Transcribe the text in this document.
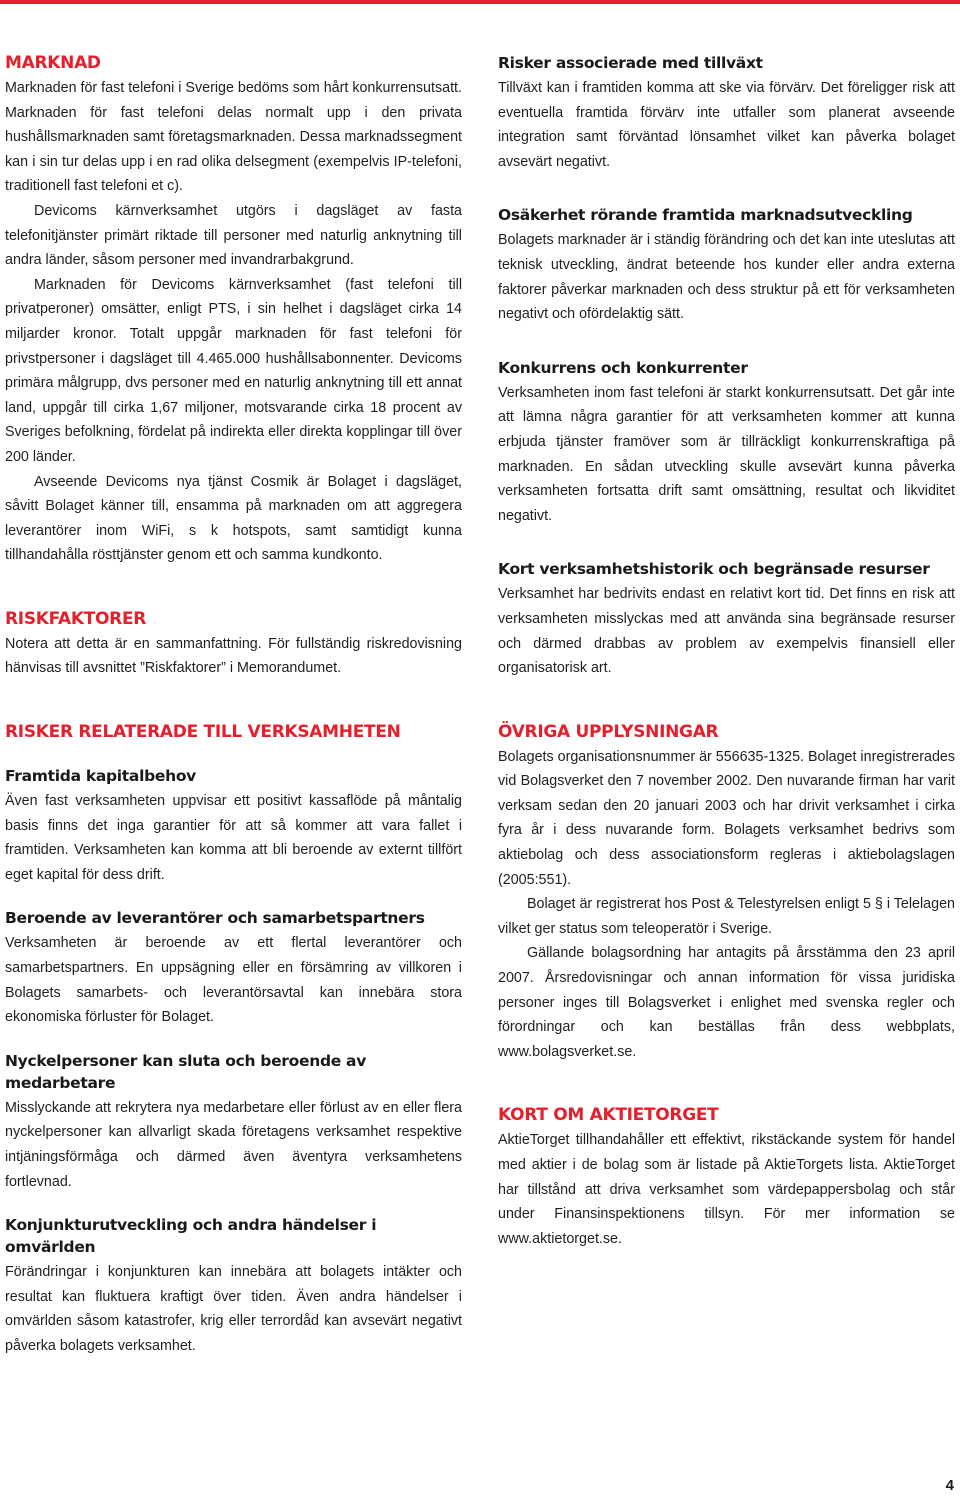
MARKNAD

Marknaden för fast telefoni i Sverige bedöms som hårt konkurrensutsatt. Marknaden för fast telefoni delas normalt upp i den privata hushållsmarknaden samt företagsmarknaden. Dessa marknadssegment kan i sin tur delas upp i en rad olika delsegment (exempelvis IP-telefoni, traditionell fast telefoni et c).

Devicoms kärnverksamhet utgörs i dagsläget av fasta telefonitjänster primärt riktade till personer med naturlig anknytning till andra länder, såsom personer med invandrarbakgrund.

Marknaden för Devicoms kärnverksamhet (fast telefoni till privatperoner) omsätter, enligt PTS, i sin helhet i dagsläget cirka 14 miljarder kronor. Totalt uppgår marknaden för fast telefoni för privstpersoner i dagsläget till 4.465.000 hushållsabonnenter. Devicoms primära målgrupp, dvs personer med en naturlig anknytning till ett annat land, uppgår till cirka 1,67 miljoner, motsvarande cirka 18 procent av Sveriges befolkning, fördelat på indirekta eller direkta kopplingar till över 200 länder.

Avseende Devicoms nya tjänst Cosmik är Bolaget i dagsläget, såvitt Bolaget känner till, ensamma på marknaden om att aggregera leverantörer inom WiFi, s k hotspots, samt samtidigt kunna tillhandahålla rösttjänster genom ett och samma kundkonto.

RISKFAKTORER

Notera att detta är en sammanfattning. För fullständig riskredovisning hänvisas till avsnittet ”Riskfaktorer” i Memorandumet.

RISKER RELATERADE TILL VERKSAMHETEN
Framtida kapitalbehov

Även fast verksamheten uppvisar ett positivt kassaflöde på måntalig basis finns det inga garantier för att så kommer att vara fallet i framtiden. Verksamheten kan komma att bli beroende av externt tillfört eget kapital för dess drift.

Beroende av leverantörer och samarbetspartners

Verksamheten är beroende av ett flertal leverantörer och samarbetspartners. En uppsägning eller en försämring av villkoren i Bolagets samarbets- och leverantörsavtal kan innebära stora ekonomiska förluster för Bolaget.

Nyckelpersoner kan sluta och beroende av medarbetare

Misslyckande att rekrytera nya medarbetare eller förlust av en eller flera nyckelpersoner kan allvarligt skada företagens verksamhet respektive intjäningsförmåga och därmed även äventyra verksamhetens fortlevnad.

Konjunkturutveckling och andra händelser i omvärlden

Förändringar i konjunkturen kan innebära att bolagets intäkter och resultat kan fluktuera kraftigt över tiden. Även andra händelser i omvärlden såsom katastrofer, krig eller terrordåd kan avsevärt negativt påverka bolagets verksamhet.

Risker associerade med tillväxt

Tillväxt kan i framtiden komma att ske via förvärv. Det föreligger risk att eventuella framtida förvärv inte utfaller som planerat avseende integration samt förväntad lönsamhet vilket kan påverka bolaget avsevärt negativt.

Osäkerhet rörande framtida marknadsutveckling

Bolagets marknader är i ständig förändring och det kan inte uteslutas att teknisk utveckling, ändrat beteende hos kunder eller andra externa faktorer påverkar marknaden och dess struktur på ett för verksamheten negativt och ofördelaktig sätt.

Konkurrens och konkurrenter

Verksamheten inom fast telefoni är starkt konkurrensutsatt. Det går inte att lämna några garantier för att verksamheten kommer att kunna erbjuda tjänster framöver som är tillräckligt konkurrenskraftiga på marknaden. En sådan utveckling skulle avsevärt kunna påverka verksamheten fortsatta drift samt omsättning, resultat och likviditet negativt.

Kort verksamhetshistorik och begränsade resurser

Verksamhet har bedrivits endast en relativt kort tid. Det finns en risk att verksamheten misslyckas med att använda sina begränsade resurser och därmed drabbas av problem av exempelvis finansiell eller organisatorisk art.

ÖVRIGA UPPLYSNINGAR

Bolagets organisationsnummer är 556635-1325. Bolaget inregistrerades vid Bolagsverket den 7 november 2002. Den nuvarande firman har varit verksam sedan den 20 januari 2003 och har drivit verksamhet i cirka fyra år i dess nuvarande form. Bolagets verksamhet bedrivs som aktiebolag och dess associationsform regleras i aktiebolagslagen (2005:551).

Bolaget är registrerat hos Post & Telestyrelsen enligt 5 § i Telelagen vilket ger status som teleoperatör i Sverige.

Gällande bolagsordning har antagits på årsstämma den 23 april 2007. Årsredovisningar och annan information för vissa juridiska personer inges till Bolagsverket i enlighet med svenska regler och förordningar och kan beställas från dess webbplats, www.bolagsverket.se.

KORT OM AKTIETORGET

AktieTorget tillhandahåller ett effektivt, rikstäckande system för handel med aktier i de bolag som är listade på AktieTorgets lista. AktieTorget har tillstånd att driva verksamhet som värdepappersbolag och står under Finansinspektionens tillsyn. För mer information se www.aktietorget.se.

4
